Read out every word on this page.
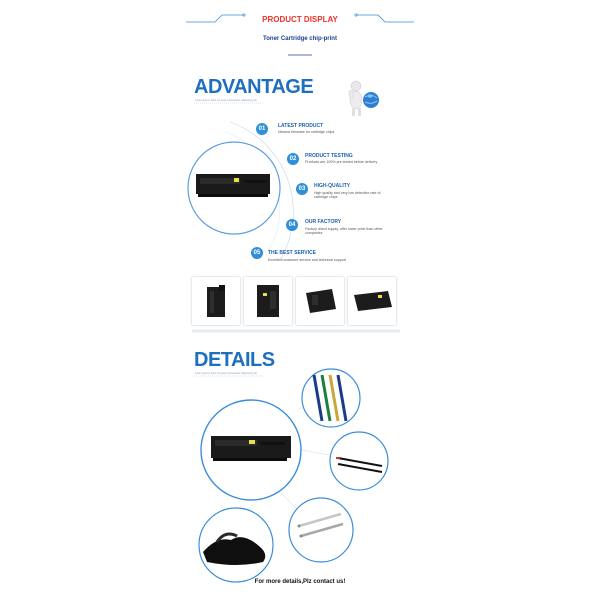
PRODUCT DISPLAY
Toner Cartridge chip-print
ADVANTAGE
Lorem ipsum dolor sit amet consectetur adipiscing elit
01	LATEST PRODUCT
Newest firmware for cartridge chips
02	PRODUCT TESTING
Products are 100% pre-tested before delivery
03	HIGH-QUALITY
High quality and very low defective rate of cartridge chips
04	OUR FACTORY
Factory direct supply, offer lower price than other companies
05	THE BEST SERVICE
Excellent customer service and technical support
DETAILS
Lorem ipsum dolor sit amet consectetur adipiscing elit
For more details,Plz contact us!
